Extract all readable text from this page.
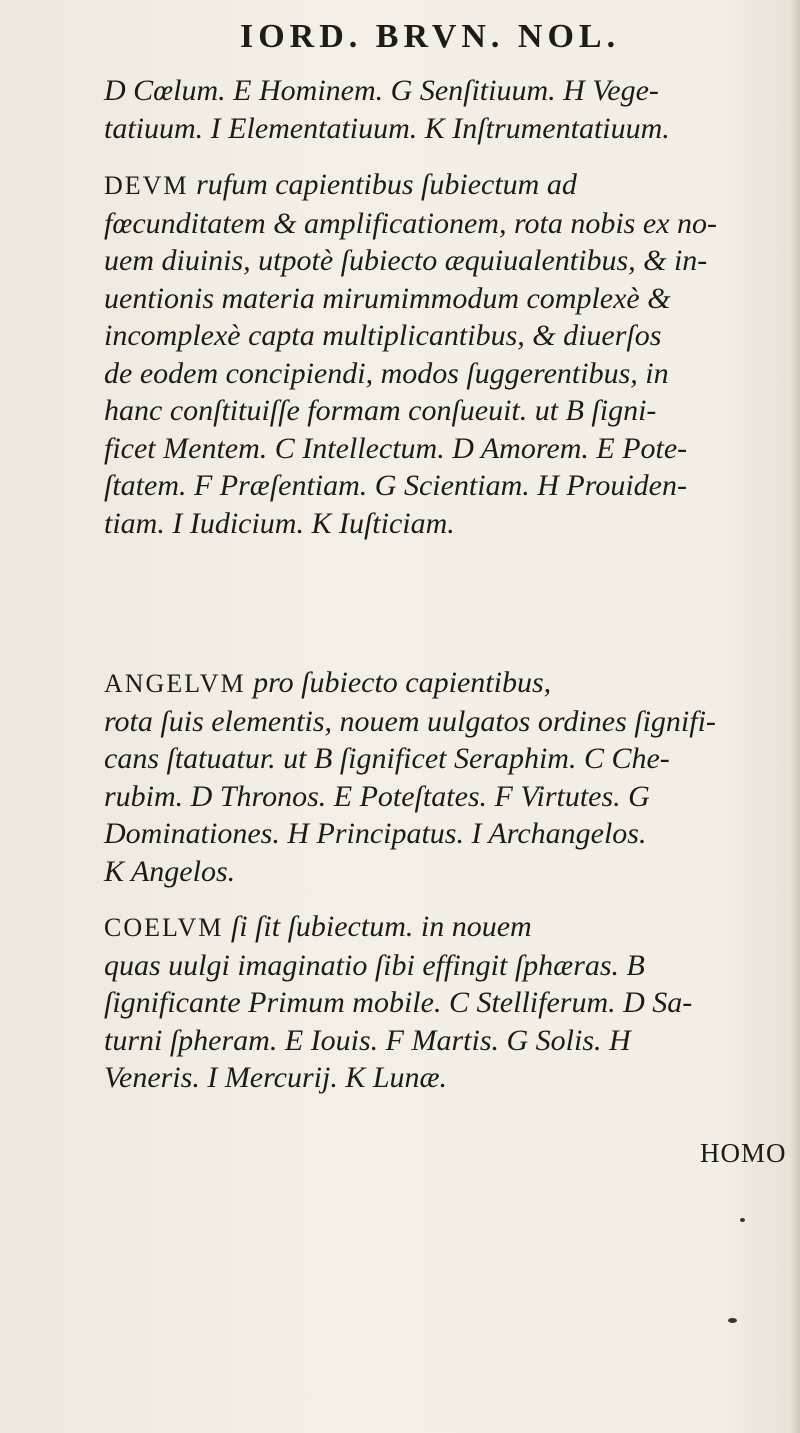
IORD. BRVN. NOL.
D Cœlum. E Hominem. G Senſitiuum. H Vege-
tatiuum. I Elementatiuum. K Inſtrumentatiuum.
DEVM rufum capientibus ſubiectum ad
fœcunditatem & amplificationem, rota nobis ex no-
uem diuinis, utpotè ſubiecto æquiualentibus, & in-
uentionis materia mirumimmodum complexè &
incomplexè capta multiplicantibus, & diuerſos
de eodem concipiendi, modos ſuggerentibus, in
hanc conſtituiſſe formam conſueuit. ut B ſigni-
ficet Mentem. C Intellectum. D Amorem. E Pote-
ſtatem. F Præſentiam. G Scientiam. H Prouiden-
tiam. I Iudicium. K Iuſticiam.
ANGELVM pro ſubiecto capientibus,
rota ſuis elementis, nouem uulgatos ordines ſignifi-
cans ſtatuatur. ut B ſignificet Seraphim. C Che-
rubim. D Thronos. E Poteſtates. F Virtutes. G
Dominationes. H Principatus. I Archangelos.
K Angelos.
COELVM ſi ſit ſubiectum. in nouem
quas uulgi imaginatio ſibi effingit ſphæras. B
ſignificante Primum mobile. C Stelliferum. D Sa-
turni ſpheram. E Iouis. F Martis. G Solis. H
Veneris. I Mercurij. K Lunæ.
HOMO
